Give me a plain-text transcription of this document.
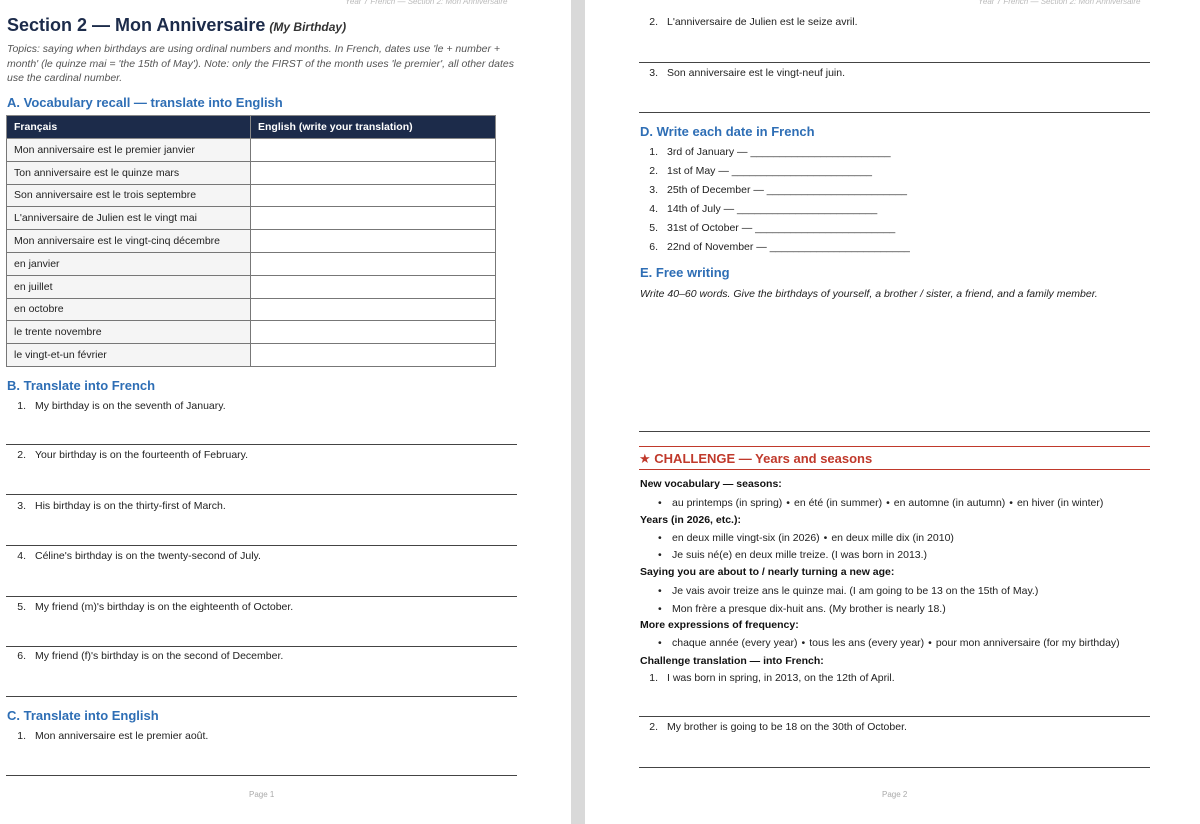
Year 7 French — Section 2: Mon Anniversaire
Section 2 — Mon Anniversaire (My Birthday)
Topics: saying when birthdays are using ordinal numbers and months. In French, dates use 'le + number + month' (le quinze mai = 'the 15th of May'). Note: only the FIRST of the month uses 'le premier', all other dates use the cardinal number.
A. Vocabulary recall — translate into English
Français	English (write your translation)
Mon anniversaire est le premier janvier	
Ton anniversaire est le quinze mars	
Son anniversaire est le trois septembre	
L'anniversaire de Julien est le vingt mai	
Mon anniversaire est le vingt-cinq décembre	
en janvier	
en juillet	
en octobre	
le trente novembre	
le vingt-et-un février	
B. Translate into French
1. My birthday is on the seventh of January.
2. Your birthday is on the fourteenth of February.
3. His birthday is on the thirty-first of March.
4. Céline's birthday is on the twenty-second of July.
5. My friend (m)'s birthday is on the eighteenth of October.
6. My friend (f)'s birthday is on the second of December.
C. Translate into English
1. Mon anniversaire est le premier août.
Page 1
Year 7 French — Section 2: Mon Anniversaire
2. L'anniversaire de Julien est le seize avril.
3. Son anniversaire est le vingt-neuf juin.
D. Write each date in French
1. 3rd of January — ________________________
2. 1st of May — ________________________
3. 25th of December — ________________________
4. 14th of July — ________________________
5. 31st of October — ________________________
6. 22nd of November — ________________________
E. Free writing
Write 40–60 words. Give the birthdays of yourself, a brother / sister, a friend, and a family member.
★ CHALLENGE — Years and seasons
New vocabulary — seasons:
• au printemps (in spring) • en été (in summer) • en automne (in autumn) • en hiver (in winter)
Years (in 2026, etc.):
• en deux mille vingt-six (in 2026) • en deux mille dix (in 2010)
• Je suis né(e) en deux mille treize. (I was born in 2013.)
Saying you are about to / nearly turning a new age:
• Je vais avoir treize ans le quinze mai. (I am going to be 13 on the 15th of May.)
• Mon frère a presque dix-huit ans. (My brother is nearly 18.)
More expressions of frequency:
• chaque année (every year) • tous les ans (every year) • pour mon anniversaire (for my birthday)
Challenge translation — into French:
1. I was born in spring, in 2013, on the 12th of April.
2. My brother is going to be 18 on the 30th of October.
Page 2
